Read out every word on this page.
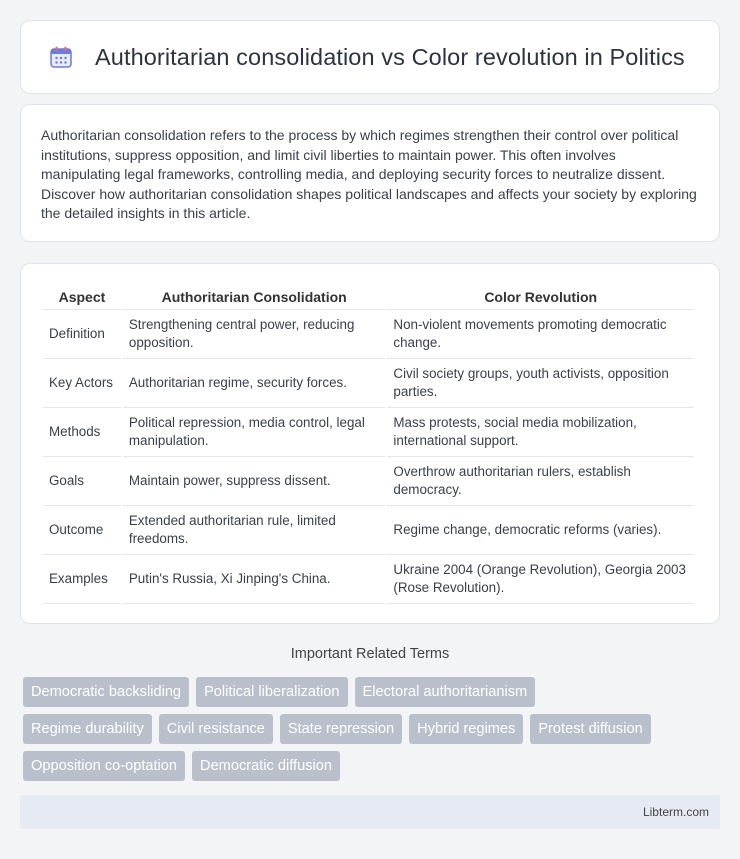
Authoritarian consolidation vs Color revolution in Politics

Authoritarian consolidation refers to the process by which regimes strengthen their control over political institutions, suppress opposition, and limit civil liberties to maintain power. This often involves manipulating legal frameworks, controlling media, and deploying security forces to neutralize dissent. Discover how authoritarian consolidation shapes political landscapes and affects your society by exploring the detailed insights in this article.

Aspect	Authoritarian Consolidation	Color Revolution
Definition	Strengthening central power, reducing opposition.	Non-violent movements promoting democratic change.
Key Actors	Authoritarian regime, security forces.	Civil society groups, youth activists, opposition parties.
Methods	Political repression, media control, legal manipulation.	Mass protests, social media mobilization, international support.
Goals	Maintain power, suppress dissent.	Overthrow authoritarian rulers, establish democracy.
Outcome	Extended authoritarian rule, limited freedoms.	Regime change, democratic reforms (varies).
Examples	Putin's Russia, Xi Jinping's China.	Ukraine 2004 (Orange Revolution), Georgia 2003 (Rose Revolution).
Important Related Terms
Democratic backsliding	Political liberalization	Electoral authoritarianism
Regime durability	Civil resistance	State repression	Hybrid regimes	Protest diffusion
Opposition co-optation	Democratic diffusion
Libterm.com
